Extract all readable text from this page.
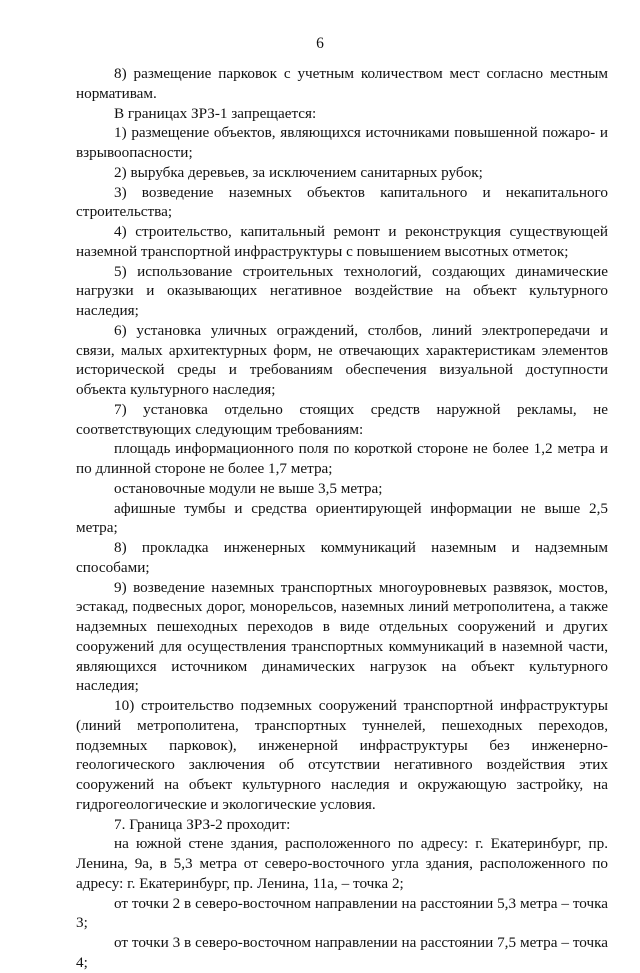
6

8) размещение парковок с учетным количеством мест согласно местным нормативам.

В границах ЗРЗ-1 запрещается:

1) размещение объектов, являющихся источниками повышенной пожаро- и взрывоопасности;

2) вырубка деревьев, за исключением санитарных рубок;

3) возведение наземных объектов капитального и некапитального строительства;

4) строительство, капитальный ремонт и реконструкция существующей наземной транспортной инфраструктуры с повышением высотных отметок;

5) использование строительных технологий, создающих динамические нагрузки и оказывающих негативное воздействие на объект культурного наследия;

6) установка уличных ограждений, столбов, линий электропередачи и связи, малых архитектурных форм, не отвечающих характеристикам элементов исторической среды и требованиям обеспечения визуальной доступности объекта культурного наследия;

7) установка отдельно стоящих средств наружной рекламы, не соответствующих следующим требованиям:

площадь информационного поля по короткой стороне не более 1,2 метра и по длинной стороне не более 1,7 метра;

остановочные модули не выше 3,5 метра;

афишные тумбы и средства ориентирующей информации не выше 2,5 метра;

8) прокладка инженерных коммуникаций наземным и надземным способами;

9) возведение наземных транспортных многоуровневых развязок, мостов, эстакад, подвесных дорог, монорельсов, наземных линий метрополитена, а также надземных пешеходных переходов в виде отдельных сооружений и других сооружений для осуществления транспортных коммуникаций в наземной части, являющихся источником динамических нагрузок на объект культурного наследия;

10) строительство подземных сооружений транспортной инфраструктуры (линий метрополитена, транспортных туннелей, пешеходных переходов, подземных парковок), инженерной инфраструктуры без инженерно-геологического заключения об отсутствии негативного воздействия этих сооружений на объект культурного наследия и окружающую застройку, на гидрогеологические и экологические условия.

7. Граница ЗРЗ-2 проходит:

на южной стене здания, расположенного по адресу: г. Екатеринбург, пр. Ленина, 9а, в 5,3 метра от северо-восточного угла здания, расположенного по адресу: г. Екатеринбург, пр. Ленина, 11а, – точка 2;

от точки 2 в северо-восточном направлении на расстоянии 5,3 метра – точка 3;

от точки 3 в северо-восточном направлении на расстоянии 7,5 метра – точка 4;
